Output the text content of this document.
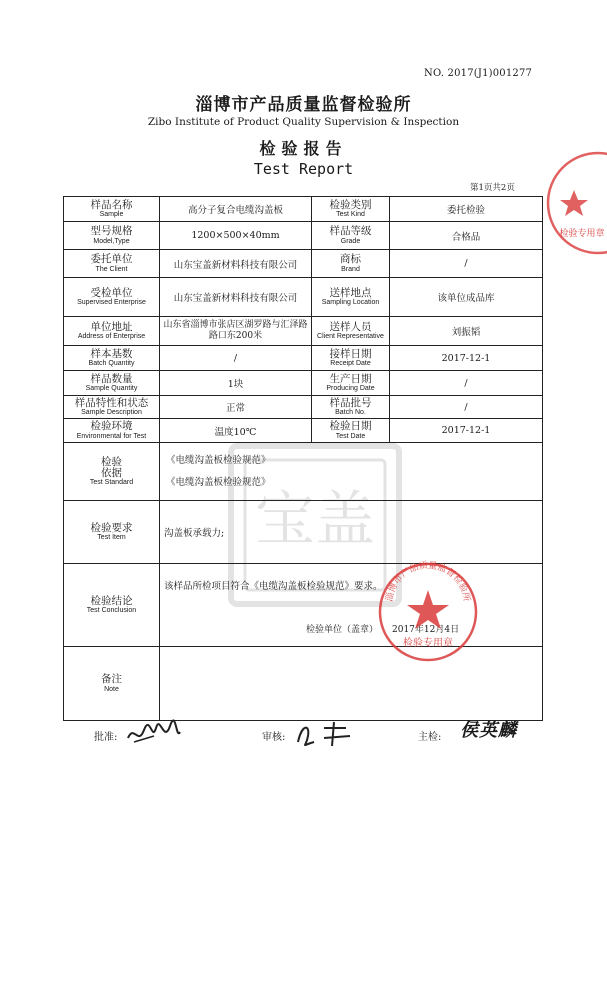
NO. 2017(J1)001277
淄博市产品质量监督检验所
Zibo Institute of Product Quality Supervision & Inspection
检验报告
Test Report
第1页共2页
宝盖
样品名称
Sample	高分子复合电缆沟盖板	检验类别
Test Kind	委托检验

型号规格
Model,Type	1200×500×40mm	样品等级
Grade	合格品

委托单位
The Client	山东宝盖新材料科技有限公司	商标
Brand	/

受检单位
Supervised Enterprise	山东宝盖新材料科技有限公司	送样地点
Sampling Location	该单位成品库

单位地址
Address of Enterprise	山东省淄博市张店区湖罗路与汇泽路路口东200米	送样人员
Client Representative	刘振韬

样本基数
Batch Quantity	/	接样日期
Receipt Date	2017-12-1

样品数量
Sample Quantity	1块	生产日期
Producing Date	/

样品特性和状态
Sample Description	正常	样品批号
Batch No.	/

检验环境
Environmental for Test	温度10℃	检验日期
Test Date	2017-12-1

检验
依据
Test Standard	《电缆沟盖板检验规范》
《电缆沟盖板检验规范》		

检验要求
Test Item	沟盖板承载力;		

检验结论
Test Conclusion	该样品所检项目符合《电缆沟盖板检验规范》要求。
检验单位（盖章） 2017年12月4日		

备注
Note			

淄博市产品质量监督检验所
检验专用章
检验专用章
批准:	审核:	主检: 侯英麟
